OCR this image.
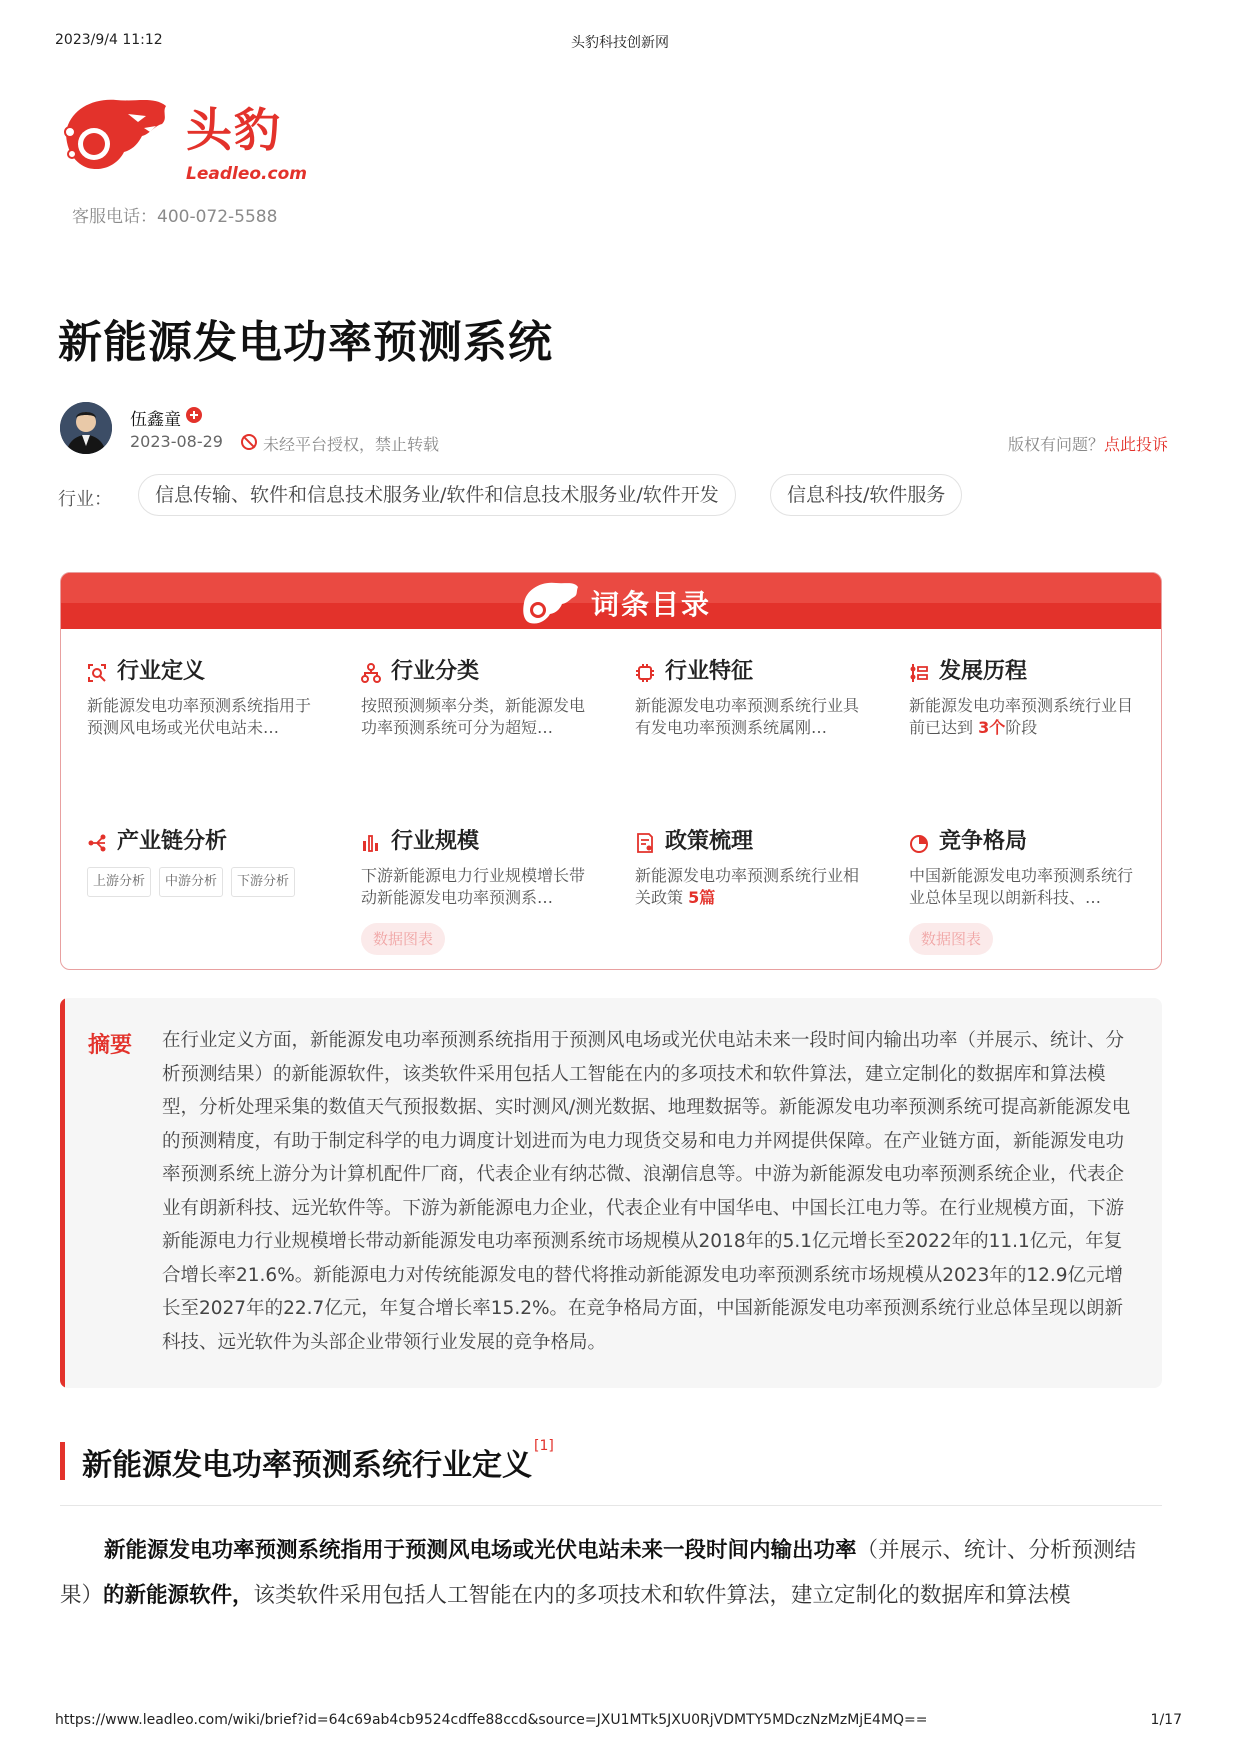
2023/9/4 11:12	头豹科技创新网
头豹
Leadleo.com
客服电话：400-072-5588
新能源发电功率预测系统
伍鑫童
2023-08-29	未经平台授权，禁止转载	版权有问题？点此投诉
行业：	信息传输、软件和信息技术服务业/软件和信息技术服务业/软件开发	信息科技/软件服务
词条目录
行业定义
新能源发电功率预测系统指用于预测风电场或光伏电站未…
行业分类
按照预测频率分类，新能源发电功率预测系统可分为超短…
行业特征
新能源发电功率预测系统行业具有发电功率预测系统属刚…
发展历程
新能源发电功率预测系统行业目前已达到 3个阶段
产业链分析
上游分析	中游分析	下游分析
行业规模
下游新能源电力行业规模增长带动新能源发电功率预测系…
数据图表
政策梳理
新能源发电功率预测系统行业相关政策 5篇
竞争格局
中国新能源发电功率预测系统行业总体呈现以朗新科技、…
数据图表
摘要 在行业定义方面，新能源发电功率预测系统指用于预测风电场或光伏电站未来一段时间内输出功率（并展示、统计、分析预测结果）的新能源软件，该类软件采用包括人工智能在内的多项技术和软件算法，建立定制化的数据库和算法模型，分析处理采集的数值天气预报数据、实时测风/测光数据、地理数据等。新能源发电功率预测系统可提高新能源发电的预测精度，有助于制定科学的电力调度计划进而为电力现货交易和电力并网提供保障。在产业链方面，新能源发电功率预测系统上游分为计算机配件厂商，代表企业有纳芯微、浪潮信息等。中游为新能源发电功率预测系统企业，代表企业有朗新科技、远光软件等。下游为新能源电力企业，代表企业有中国华电、中国长江电力等。在行业规模方面，下游新能源电力行业规模增长带动新能源发电功率预测系统市场规模从2018年的5.1亿元增长至2022年的11.1亿元，年复合增长率21.6%。新能源电力对传统能源发电的替代将推动新能源发电功率预测系统市场规模从2023年的12.9亿元增长至2027年的22.7亿元，年复合增长率15.2%。在竞争格局方面，中国新能源发电功率预测系统行业总体呈现以朗新科技、远光软件为头部企业带领行业发展的竞争格局。
新能源发电功率预测系统行业定义[1]

新能源发电功率预测系统指用于预测风电场或光伏电站未来一段时间内输出功率（并展示、统计、分析预测结果）的新能源软件，该类软件采用包括人工智能在内的多项技术和软件算法，建立定制化的数据库和算法模

https://www.leadleo.com/wiki/brief?id=64c69ab4cb9524cdffe88ccd&source=JXU1MTk5JXU0RjVDMTY5MDczNzMzMjE4MQ==	1/17
